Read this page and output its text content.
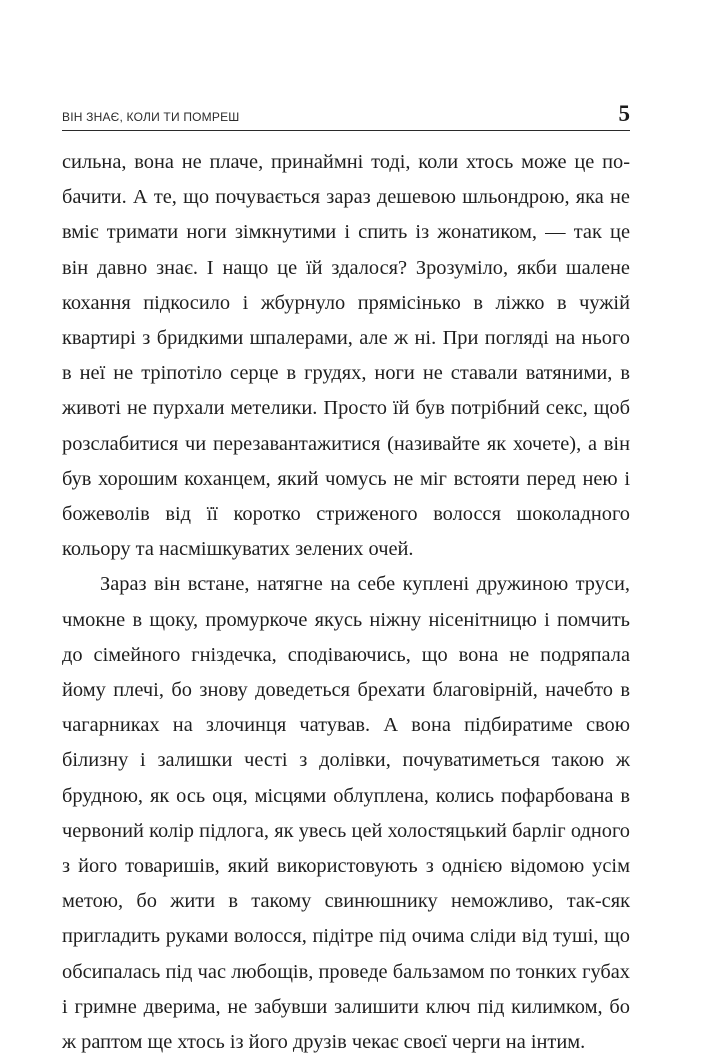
ВІН ЗНАЄ, КОЛИ ТИ ПОМРЕШ	5

сильна, вона не плаче, принаймні тоді, коли хтось може це побачити. А те, що почувається зараз дешевою шльондрою, яка не вміє тримати ноги зімкнутими і спить із жонатиком, — так це він давно знає. І нащо це їй здалося? Зрозуміло, якби шалене кохання підкосило і жбурнуло прямісінько в ліжко в чужій квартирі з бридкими шпалерами, але ж ні. При погляді на нього в неї не тріпотіло серце в грудях, ноги не ставали ватяними, в животі не пурхали метелики. Просто їй був потрібний секс, щоб розслабитися чи перезавантажитися (називайте як хочете), а він був хорошим коханцем, який чомусь не міг встояти перед нею і божеволів від її коротко стриженого волосся шоколадного кольору та насмішкуватих зелених очей.

Зараз він встане, натягне на себе куплені дружиною труси, чмокне в щоку, промуркоче якусь ніжну нісенітницю і помчить до сімейного гніздечка, сподіваючись, що вона не подряпала йому плечі, бо знову доведеться брехати благовірній, начебто в чагарниках на злочинця чатував. А вона підбиратиме свою білизну і залишки честі з долівки, почуватиметься такою ж брудною, як ось оця, місцями облуплена, колись пофарбована в червоний колір підлога, як увесь цей холостяцький барліг одного з його товаришів, який використовують з однією відомою усім метою, бо жити в такому свинюшнику неможливо, так-сяк пригладить руками волосся, підітре під очима сліди від туші, що обсипалась під час любощів, проведе бальзамом по тонких губах і гримне дверима, не забувши залишити ключ під килимком, бо ж раптом ще хтось із його друзів чекає своєї черги на інтим.
